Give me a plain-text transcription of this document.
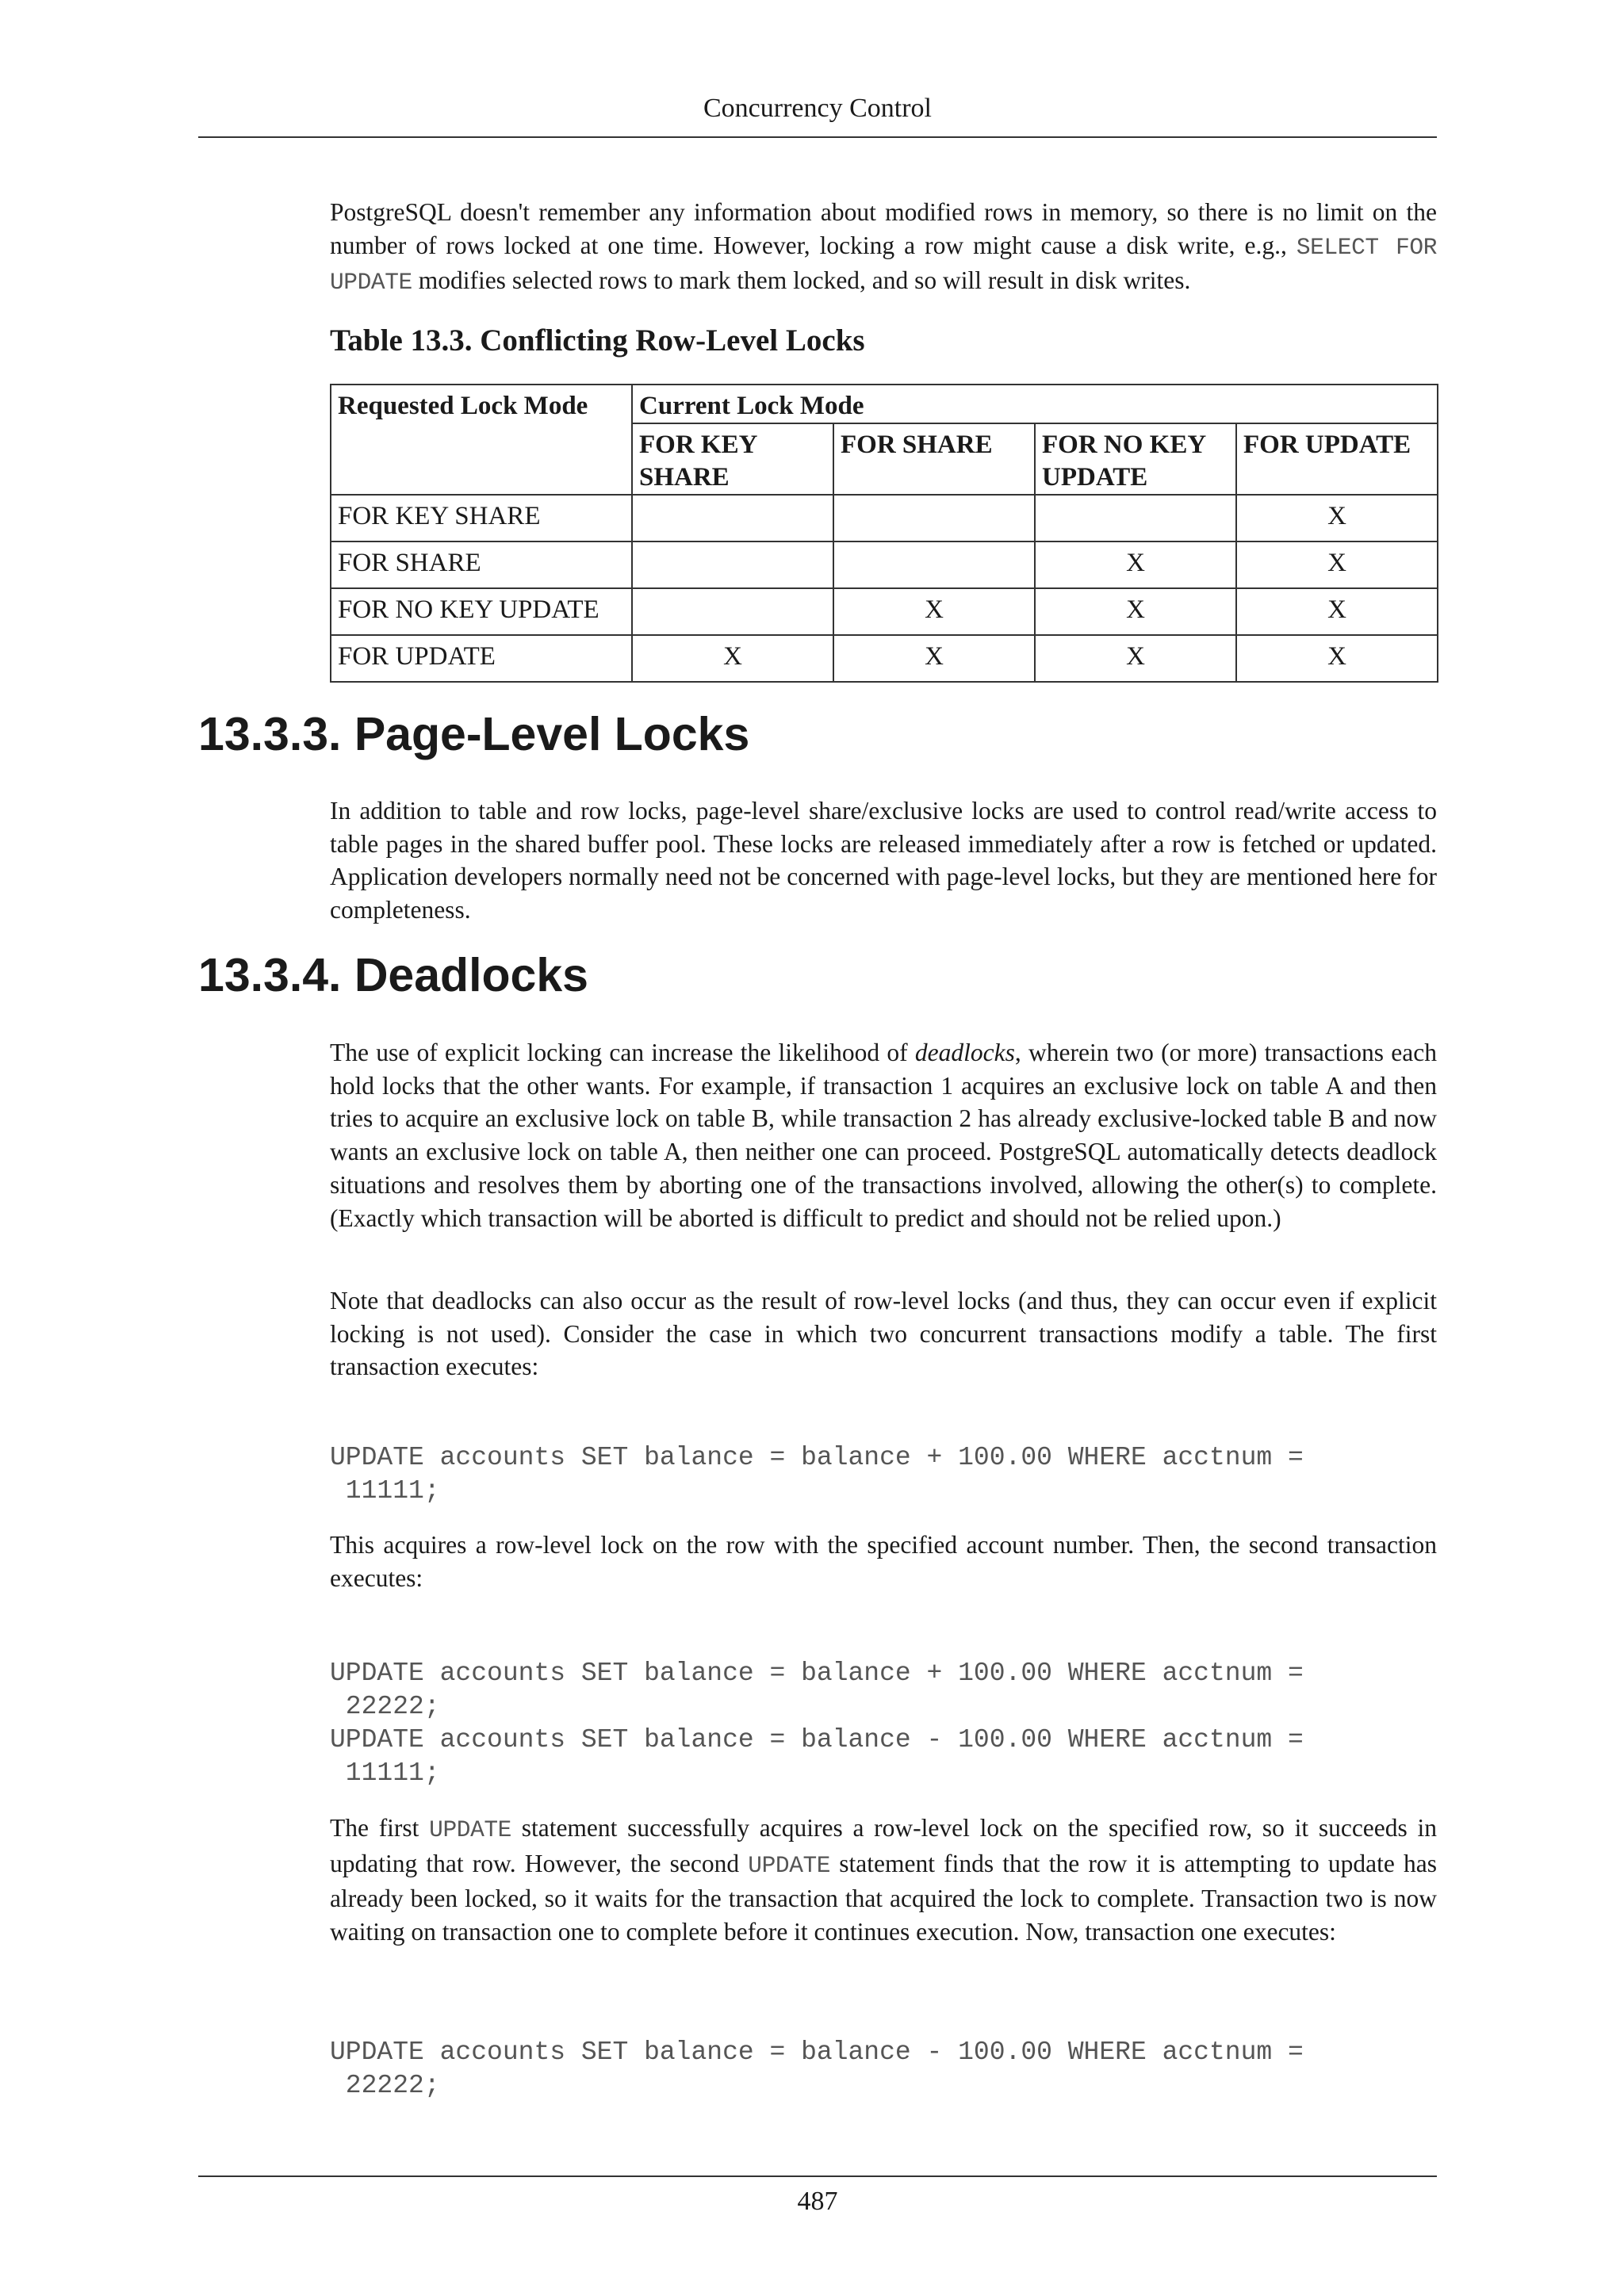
Concurrency Control

PostgreSQL doesn't remember any information about modified rows in memory, so there is no limit on the number of rows locked at one time. However, locking a row might cause a disk write, e.g., SELECT FOR UPDATE modifies selected rows to mark them locked, and so will result in disk writes.

Table 13.3. Conflicting Row-Level Locks
Requested Lock Mode	Current Lock Mode			
	FOR KEY SHARE	FOR SHARE	FOR NO KEY UPDATE	FOR UPDATE
FOR KEY SHARE				X
FOR SHARE			X	X
FOR NO KEY UPDATE		X	X	X
FOR UPDATE	X	X	X	X
13.3.3. Page-Level Locks

In addition to table and row locks, page-level share/exclusive locks are used to control read/write access to table pages in the shared buffer pool. These locks are released immediately after a row is fetched or updated. Application developers normally need not be concerned with page-level locks, but they are mentioned here for completeness.

13.3.4. Deadlocks

The use of explicit locking can increase the likelihood of deadlocks, wherein two (or more) transactions each hold locks that the other wants. For example, if transaction 1 acquires an exclusive lock on table A and then tries to acquire an exclusive lock on table B, while transaction 2 has already exclusive-locked table B and now wants an exclusive lock on table A, then neither one can proceed. PostgreSQL automatically detects deadlock situations and resolves them by aborting one of the transactions involved, allowing the other(s) to complete. (Exactly which transaction will be aborted is difficult to predict and should not be relied upon.)

Note that deadlocks can also occur as the result of row-level locks (and thus, they can occur even if explicit locking is not used). Consider the case in which two concurrent transactions modify a table. The first transaction executes:

UPDATE accounts SET balance = balance + 100.00 WHERE acctnum =
11111;

This acquires a row-level lock on the row with the specified account number. Then, the second transaction executes:

UPDATE accounts SET balance = balance + 100.00 WHERE acctnum =
22222;
UPDATE accounts SET balance = balance - 100.00 WHERE acctnum =
11111;

The first UPDATE statement successfully acquires a row-level lock on the specified row, so it succeeds in updating that row. However, the second UPDATE statement finds that the row it is attempting to update has already been locked, so it waits for the transaction that acquired the lock to complete. Transaction two is now waiting on transaction one to complete before it continues execution. Now, transaction one executes:

UPDATE accounts SET balance = balance - 100.00 WHERE acctnum =
22222;
487
